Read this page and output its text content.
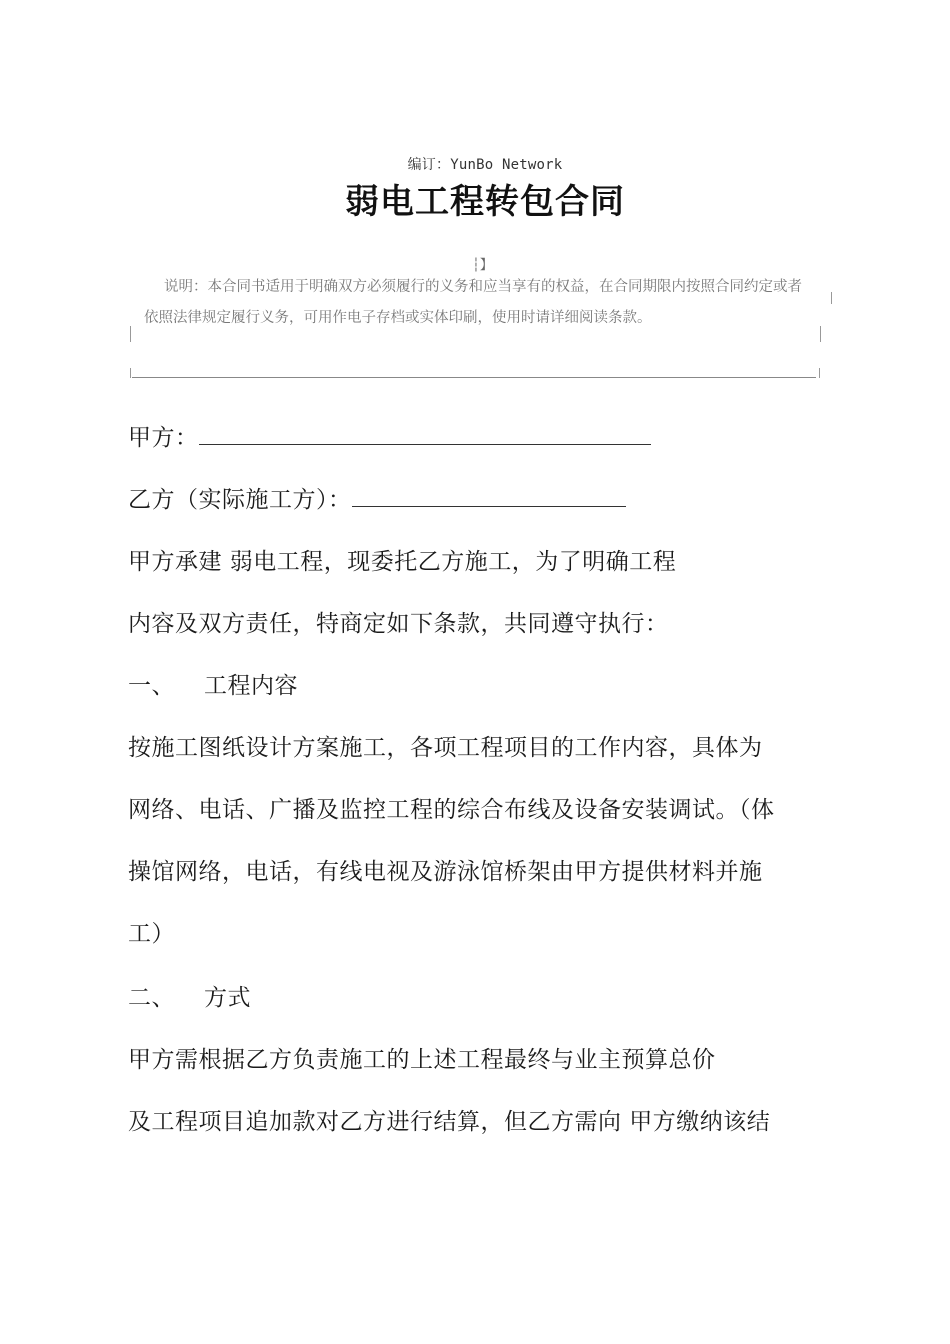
编订：YunBo Network
弱电工程转包合同
┆】
说明：本合同书适用于明确双方必须履行的义务和应当享有的权益，在合同期限内按照合同约定或者依照法律规定履行义务，可用作电子存档或实体印刷，使用时请详细阅读条款。
甲方：
乙方（实际施工方）：
甲方承建 弱电工程，现委托乙方施工，为了明确工程
内容及双方责任，特商定如下条款，共同遵守执行：
一、 工程内容
按施工图纸设计方案施工，各项工程项目的工作内容，具体为
网络、电话、广播及监控工程的综合布线及设备安装调试。（体
操馆网络，电话，有线电视及游泳馆桥架由甲方提供材料并施
工）
二、 方式
甲方需根据乙方负责施工的上述工程最终与业主预算总价
及工程项目追加款对乙方进行结算，但乙方需向 甲方缴纳该结
